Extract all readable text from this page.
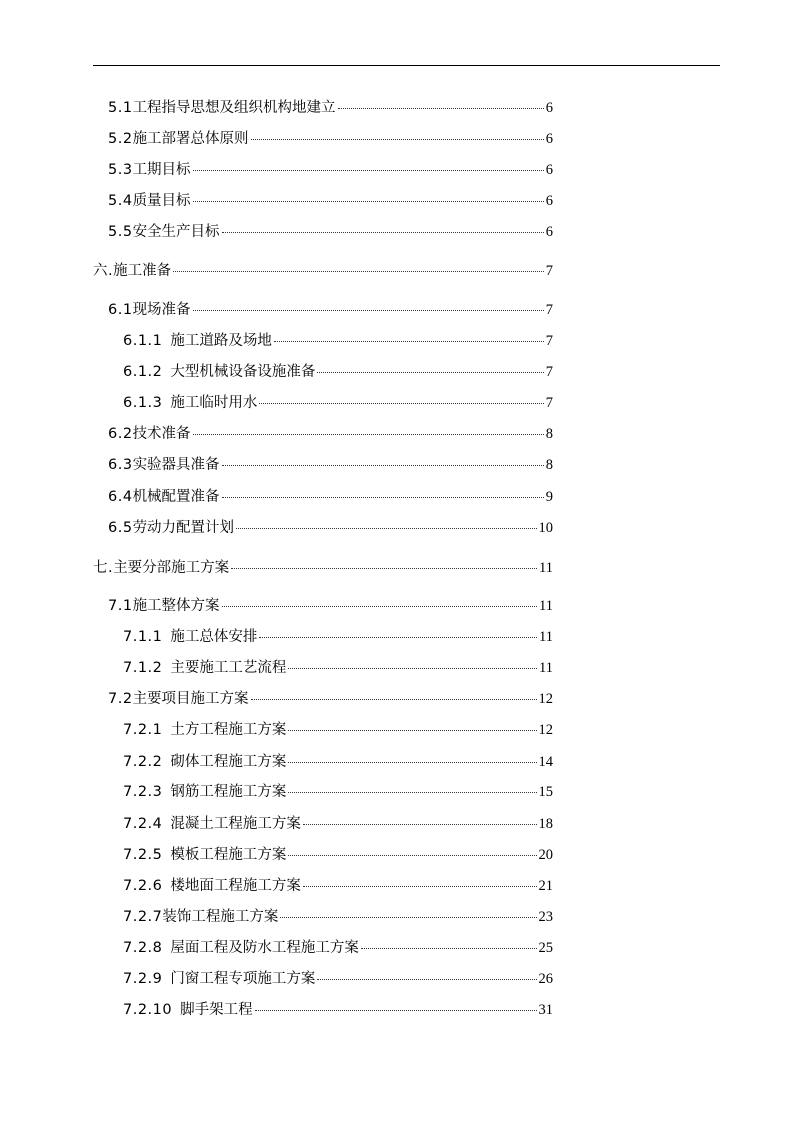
5.1 工程指导思想及组织机构地建立	6
5.2 施工部署总体原则	6
5.3 工期目标	6
5.4 质量目标	6
5.5 安全生产目标	6
六. 施工准备	7
6.1 现场准备	7
6.1.1 施工道路及场地	7
6.1.2 大型机械设备设施准备	7
6.1.3 施工临时用水	7
6.2 技术准备	8
6.3 实验器具准备	8
6.4 机械配置准备	9
6.5 劳动力配置计划	10
七. 主要分部施工方案	11
7.1 施工整体方案	11
7.1.1 施工总体安排	11
7.1.2 主要施工工艺流程	11
7.2 主要项目施工方案	12
7.2.1 土方工程施工方案	12
7.2.2 砌体工程施工方案	14
7.2.3 钢筋工程施工方案	15
7.2.4 混凝土工程施工方案	18
7.2.5 模板工程施工方案	20
7.2.6 楼地面工程施工方案	21
7.2.7 装饰工程施工方案	23
7.2.8 屋面工程及防水工程施工方案	25
7.2.9 门窗工程专项施工方案	26
7.2.10 脚手架工程	31
